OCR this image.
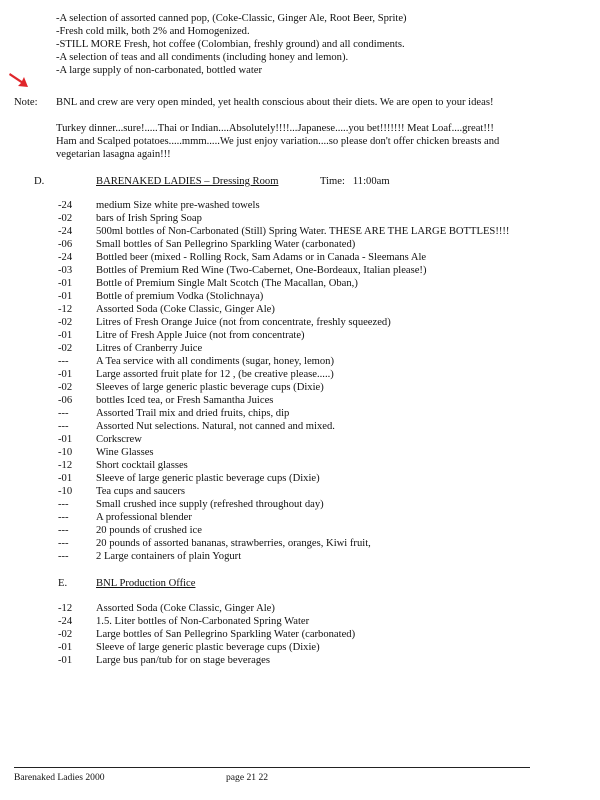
-A selection of assorted canned pop, (Coke-Classic, Ginger Ale, Root Beer, Sprite)
-Fresh cold milk, both 2% and Homogenized.
-STILL MORE Fresh, hot coffee (Colombian, freshly ground) and all condiments.
-A selection of teas and all condiments (including honey and lemon).
-A large supply of non-carbonated, bottled water
Note: BNL and crew are very open minded, yet health conscious about their diets. We are open to your ideas!
Turkey dinner...sure!.....Thai or Indian....Absolutely!!!!...Japanese.....you bet!!!!!!! Meat Loaf....great!!!
Ham and Scalped potatoes.....mmm.....We just enjoy variation....so please don't offer chicken breasts and
vegetarian lasagna again!!!
D.	BARENAKED LADIES – Dressing Room	Time: 11:00am
-24	medium Size white pre-washed towels
-02	bars of Irish Spring Soap
-24	500ml bottles of Non-Carbonated (Still) Spring Water. THESE ARE THE LARGE BOTTLES!!!!
-06	Small bottles of San Pellegrino Sparkling Water (carbonated)
-24	Bottled beer (mixed - Rolling Rock, Sam Adams or in Canada - Sleemans Ale
-03	Bottles of Premium Red Wine (Two-Cabernet, One-Bordeaux, Italian please!)
-01	Bottle of Premium Single Malt Scotch (The Macallan, Oban,)
-01	Bottle of premium Vodka (Stolichnaya)
-12	Assorted Soda (Coke Classic, Ginger Ale)
-02	Litres of Fresh Orange Juice (not from concentrate, freshly squeezed)
-01	Litre of Fresh Apple Juice (not from concentrate)
-02	Litres of Cranberry Juice
---	A Tea service with all condiments (sugar, honey, lemon)
-01	Large assorted fruit plate for 12 , (be creative please.....)
-02	Sleeves of large generic plastic beverage cups (Dixie)
-06	bottles Iced tea, or Fresh Samantha Juices
---	Assorted Trail mix and dried fruits, chips, dip
---	Assorted Nut selections. Natural, not canned and mixed.
-01	Corkscrew
-10	Wine Glasses
-12	Short cocktail glasses
-01	Sleeve of large generic plastic beverage cups (Dixie)
-10	Tea cups and saucers
---	Small crushed ince supply (refreshed throughout day)
---	A professional blender
---	20 pounds of crushed ice
---	20 pounds of assorted bananas, strawberries, oranges, Kiwi fruit,
---	2 Large containers of plain Yogurt
E.	BNL Production Office
-12	Assorted Soda (Coke Classic, Ginger Ale)
-24	1.5. Liter bottles of Non-Carbonated Spring Water
-02	Large bottles of San Pellegrino Sparkling Water (carbonated)
-01	Sleeve of large generic plastic beverage cups (Dixie)
-01	Large bus pan/tub for on stage beverages
Barenaked Ladies 2000	page 21 22
